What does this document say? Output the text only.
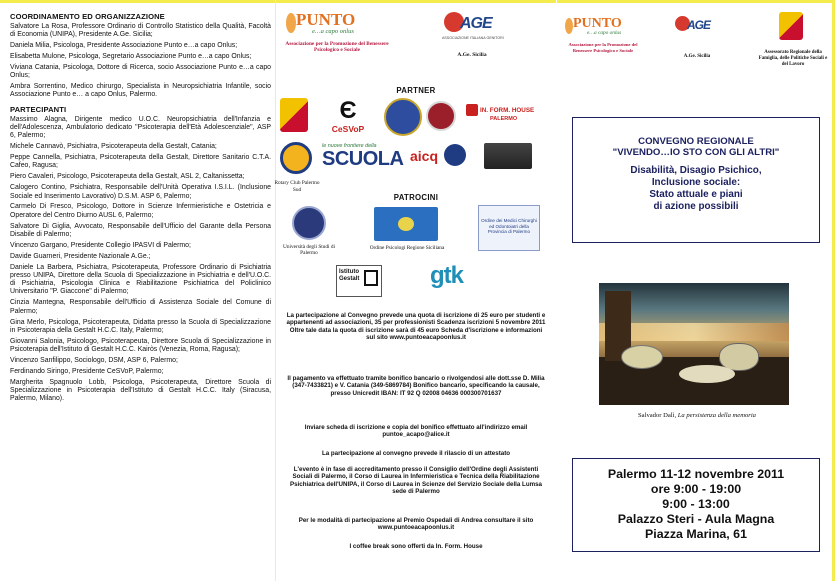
COORDINAMENTO ED ORGANIZZAZIONE
Salvatore La Rosa, Professore Ordinario di Controllo Statistico della Qualità, Facoltà di Economia (UNIPA), Presidente A.Ge. Sicilia;
Daniela Milia, Psicologa, Presidente Associazione Punto e…a capo Onlus;
Elisabetta Mulone, Psicologa, Segretario Associazione Punto e…a capo Onlus;
Viviana Catania, Psicologa, Dottore di Ricerca, socio Associazione Punto e…a capo Onlus;
Ambra Sorrentino, Medico chirurgo, Specialista in Neuropsichiatria Infantile, socio Associazione Punto e… a capo Onlus, Palermo.
PARTECIPANTI
Massimo Alagna, Dirigente medico U.O.C. Neuropsichiatria dell'Infanzia e dell'Adolescenza, Ambulatorio dedicato "Psicoterapia dell'Età Adolescenziale", ASP 6, Palermo;
Michele Cannavò, Psichiatra, Psicoterapeuta della Gestalt, Catania;
Peppe Cannella, Psichiatra, Psicoterapeuta della Gestalt, Direttore Sanitario C.T.A. Cafeo, Ragusa;
Piero Cavaleri, Psicologo, Psicoterapeuta della Gestalt, ASL 2, Caltanissetta;
Calogero Contino, Psichiatra, Responsabile dell'Unità Operativa I.S.I.L. (Inclusione Sociale ed Inserimento Lavorativo) D.S.M. ASP 6, Palermo;
Carmelo Di Fresco, Psicologo, Dottore in Scienze Infermieristiche e Ostetricia e Operatore del Centro Diurno AUSL 6, Palermo;
Salvatore Di Giglia, Avvocato, Responsabile dell'Ufficio del Garante della Persona Disabile di Palermo;
Vincenzo Gargano, Presidente Collegio IPASVI di Palermo;
Davide Guarneri, Presidente Nazionale A.Ge.;
Daniele La Barbera, Psichiatra, Psicoterapeuta, Professore Ordinario di Psichiatria presso UNIPA, Direttore della Scuola di Specializzazione in Psichiatria e dell'U.O.C. di Psichiatria, Psicologia Clinica e Riabilitazione Psichiatrica del Policlinico Universitario "P. Giaccone" di Palermo;
Cinzia Mantegna, Responsabile dell'Ufficio di Assistenza Sociale del Comune di Palermo;
Gina Merlo, Psicologa, Psicoterapeuta, Didatta presso la Scuola di Specializzazione in Psicoterapia della Gestalt H.C.C. Italy, Palermo;
Giovanni Salonia, Psicologo, Psicoterapeuta, Direttore Scuola di Specializzazione in Psicoterapia dell'Istituto di Gestalt H.C.C. Kairòs (Venezia, Roma, Ragusa);
Vincenzo Sanfilippo, Sociologo, DSM, ASP 6, Palermo;
Ferdinando Siringo, Presidente CeSVoP, Palermo;
Margherita Spagnuolo Lobb, Psicologa, Psicoterapeuta, Direttore Scuola di Specializzazione in Psicoterapia dell'Istituto di Gestalt H.C.C. Italy (Siracusa, Palermo, Milano).
PUNTO
e…a capo onlus
Associazione per la Promozione del Benessere Psicologico e Sociale
AGE
ASSOCIAZIONE ITALIANA GENITORI
A.Ge. Sicilia
PARTNER
Є
CeSVoP
IN. FORM. HOUSE
PALERMO
Rotary Club Palermo Sud
le nuove frontiere della
SCUOLA aicq
PATROCINI
Università degli Studi di Palermo
Ordine Psicologi Regione Siciliana
Ordine dei Medici Chirurghi ed Odontoiatri della Provincia di Palermo
Istituto Gestalt	gtk
La partecipazione al Convegno prevede una quota di iscrizione di 25 euro per studenti e appartenenti ad associazioni, 35 per professionisti Scadenza iscrizioni 5 novembre 2011 Oltre tale data la quota di iscrizione sarà di 45 euro Scheda d'iscrizione e informazioni sul sito www.puntoeacapoonlus.it
Il pagamento va effettuato tramite bonifico bancario o rivolgendosi alle dott.sse D. Milia (347-7433821) e V. Catania (349-5869784) Bonifico bancario, specificando la causale, presso Unicredit IBAN: IT 92 Q 02008 04636 000300701637
Inviare scheda di iscrizione e copia del bonifico effettuato all'indirizzo email puntoe_acapo@alice.it
La partecipazione al convegno prevede il rilascio di un attestato
L'evento è in fase di accreditamento presso il Consiglio dell'Ordine degli Assistenti Sociali di Palermo, il Corso di Laurea in Infermieristica e Tecnica della Riabilitazione Psichiatrica dell'UNIPA, il Corso di Laurea in Scienze del Servizio Sociale della Lumsa sede di Palermo
Per le modalità di partecipazione al Premio Ospedali di Andrea consultare il sito www.puntoeacapoonlus.it
I coffee break sono offerti da In. Form. House
PUNTO
e…a capo onlus
Associazione per la Promozione del Benessere Psicologico e Sociale
AGE
A.Ge. Sicilia
Assessorato Regionale della Famiglia, delle Politiche Sociali e del Lavoro
CONVEGNO REGIONALE
"VIVENDO…IO STO CON GLI ALTRI"
Disabilità, Disagio Psichico,
Inclusione sociale:
Stato attuale e piani
di azione possibili
Salvador Dalì, La persistenza della memoria
Palermo 11-12 novembre 2011
ore 9:00 - 19:00
9:00 - 13:00
Palazzo Steri - Aula Magna
Piazza Marina, 61
